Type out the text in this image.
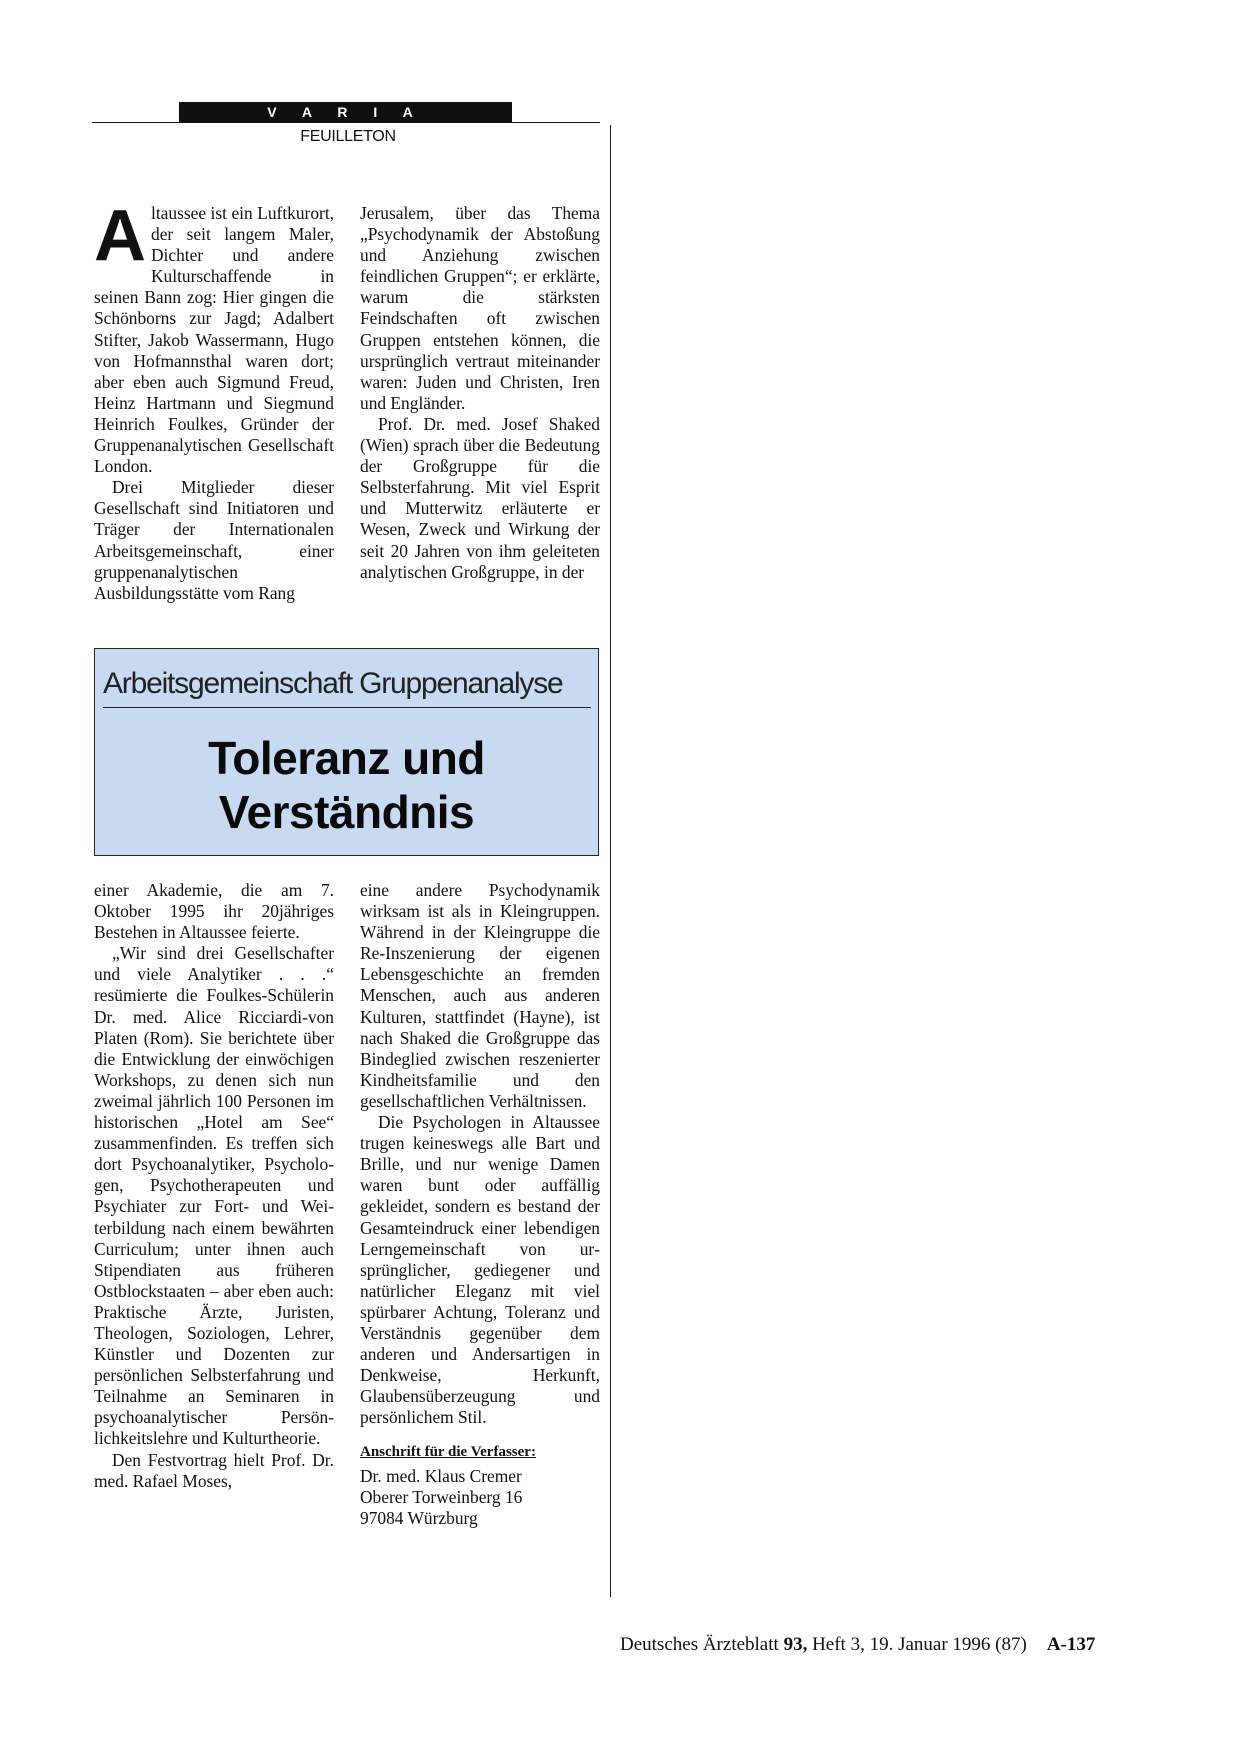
V A R I A
FEUILLETON

Altaussee ist ein Luftkurort, der seit langem Maler, Dichter und andere Kulturschaffende in seinen Bann zog: Hier gingen die Schönborns zur Jagd; Adalbert Stifter, Jakob Wassermann, Hugo von Hofmannsthal waren dort; aber eben auch Sigmund Freud, Heinz Hartmann und Siegmund Heinrich Foulkes, Gründer der Gruppenanalytischen Gesellschaft London.

Drei Mitglieder dieser Gesellschaft sind Initiatoren und Träger der Internationalen Arbeitsgemeinschaft, einer gruppenanalytischen Ausbildungsstätte vom Rang

Jerusalem, über das Thema „Psychodynamik der Abstoßung und Anziehung zwischen feindlichen Gruppen“; er erklärte, warum die stärksten Feindschaften oft zwischen Gruppen entstehen können, die ursprünglich vertraut miteinander waren: Juden und Christen, Iren und Engländer.

Prof. Dr. med. Josef Shaked (Wien) sprach über die Bedeutung der Großgruppe für die Selbsterfahrung. Mit viel Esprit und Mutterwitz erläuterte er Wesen, Zweck und Wirkung der seit 20 Jahren von ihm geleiteten analytischen Großgruppe, in der

Arbeitsgemeinschaft Gruppenanalyse
Toleranz und
Verständnis

einer Akademie, die am 7. Oktober 1995 ihr 20jähriges Bestehen in Altaussee feierte.

„Wir sind drei Gesellschafter und viele Analytiker . . .“ resümierte die Foulkes-Schülerin Dr. med. Alice Ricciardi-von Platen (Rom). Sie berichtete über die Entwicklung der einwöchigen Workshops, zu denen sich nun zweimal jährlich 100 Personen im historischen „Hotel am See“ zusammenfinden. Es treffen sich dort Psychoanalytiker, Psychologen, Psychotherapeuten und Psychiater zur Fort- und Weiterbildung nach einem bewährten Curriculum; unter ihnen auch Stipendiaten aus früheren Ostblockstaaten – aber eben auch: Praktische Ärzte, Juristen, Theologen, Soziologen, Lehrer, Künstler und Dozenten zur persönlichen Selbsterfahrung und Teilnahme an Seminaren in psychoanalytischer Persönlichkeitslehre und Kulturtheorie.

Den Festvortrag hielt Prof. Dr. med. Rafael Moses,

eine andere Psychodynamik wirksam ist als in Kleingruppen. Während in der Kleingruppe die Re-Inszenierung der eigenen Lebensgeschichte an fremden Menschen, auch aus anderen Kulturen, stattfindet (Hayne), ist nach Shaked die Großgruppe das Bindeglied zwischen reszenierter Kindheitsfamilie und den gesellschaftlichen Verhältnissen.

Die Psychologen in Altaussee trugen keineswegs alle Bart und Brille, und nur wenige Damen waren bunt oder auffällig gekleidet, sondern es bestand der Gesamteindruck einer lebendigen Lerngemeinschaft von ursprünglicher, gediegener und natürlicher Eleganz mit viel spürbarer Achtung, Toleranz und Verständnis gegenüber dem anderen und Andersartigen in Denkweise, Herkunft, Glaubensüberzeugung und persönlichem Stil.

Anschrift für die Verfasser:
Dr. med. Klaus Cremer
Oberer Torweinberg 16
97084 Würzburg
Deutsches Ärzteblatt 93, Heft 3, 19. Januar 1996 (87) A-137
